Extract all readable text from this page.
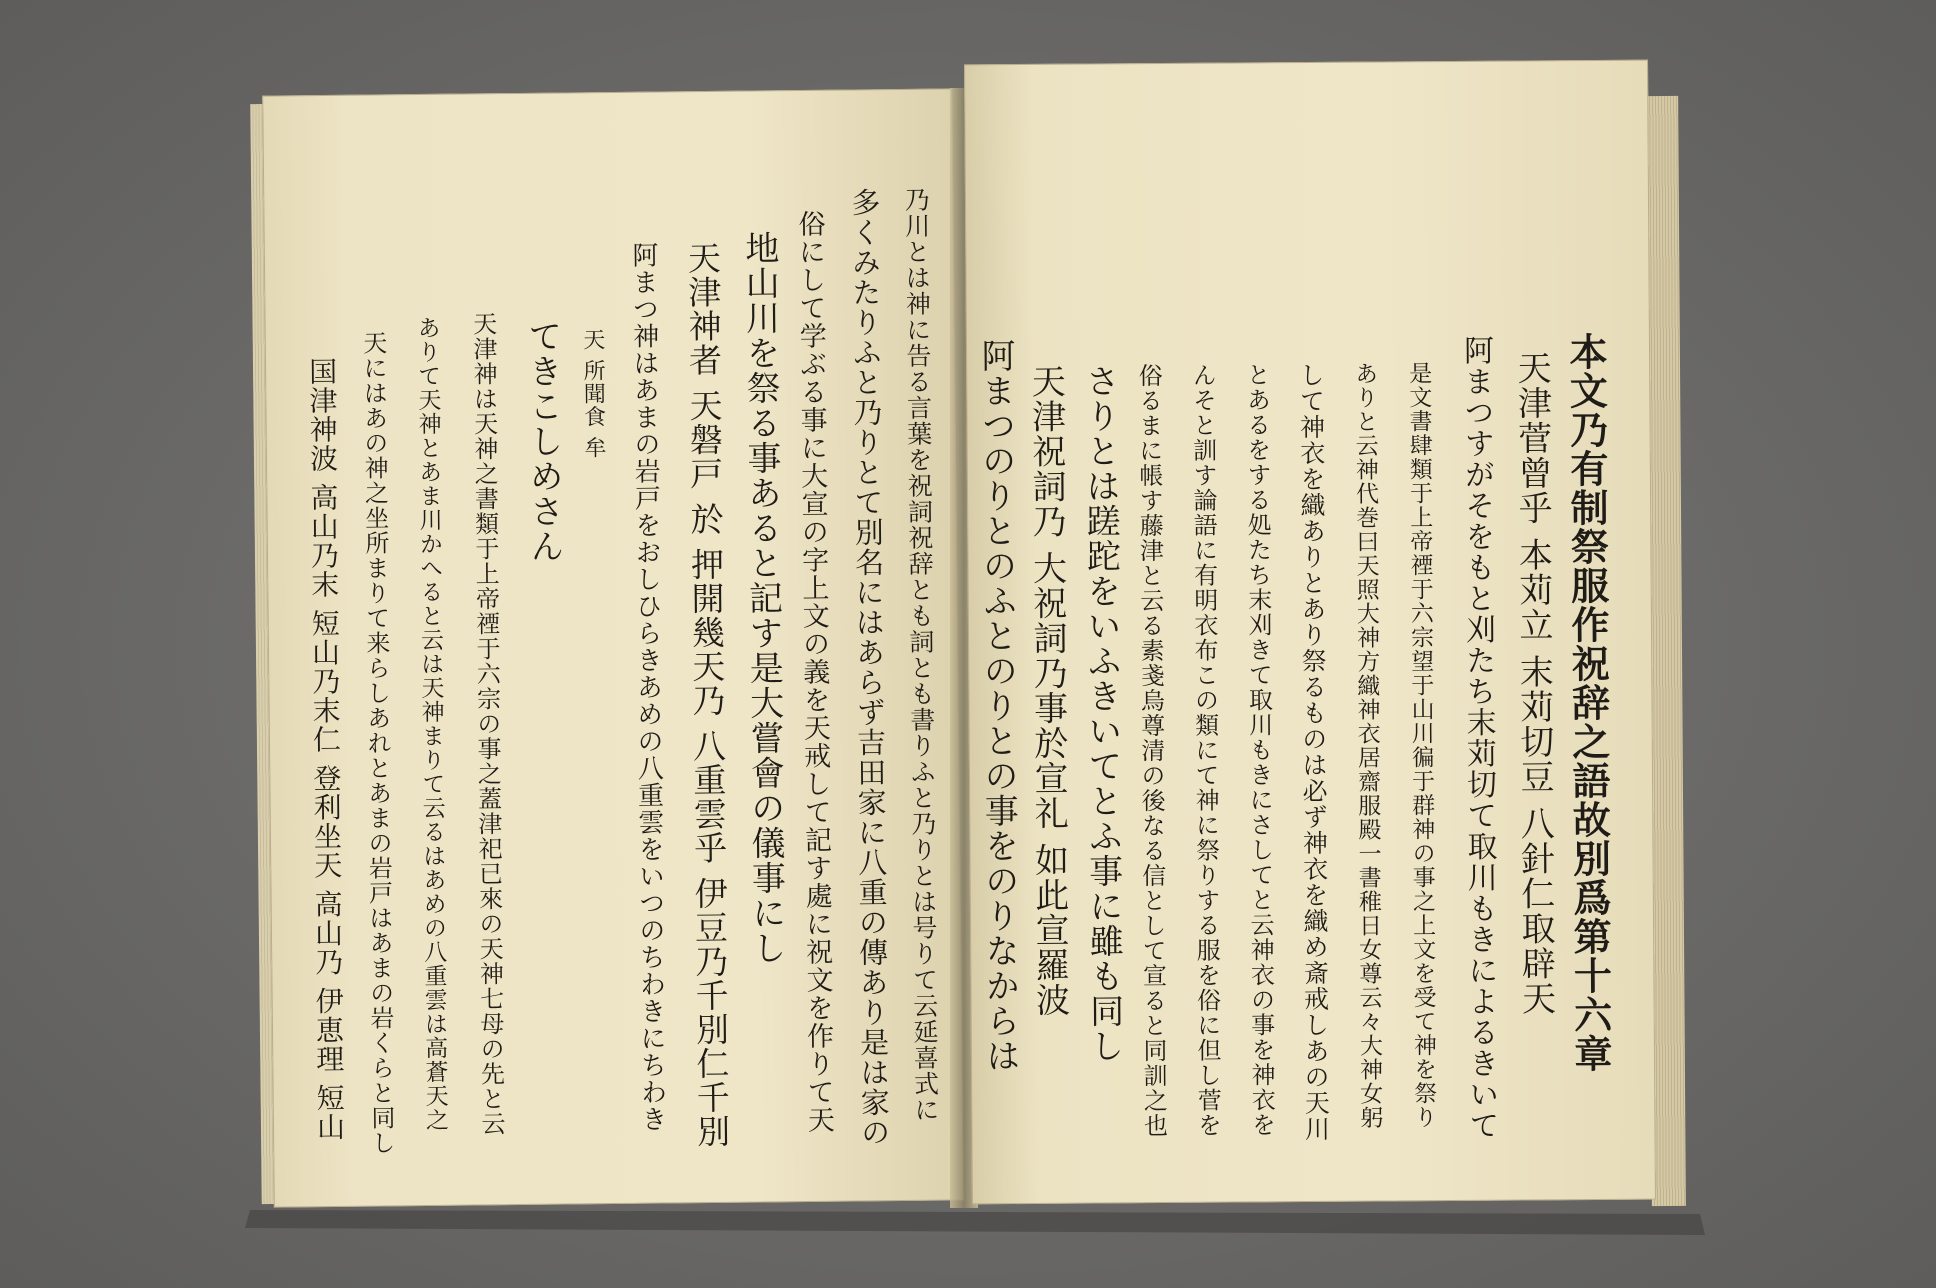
乃川とは神に告る言葉を祝詞祝辞とも詞とも書りふと乃りとは号りて云延喜式に
多くみたりふと乃りとて別名にはあらず吉田家に八重の傳あり是は家の
俗にして学ぶる事に大宣の字上文の義を天戒して記す處に祝文を作りて天
地山川を祭る事あると記す是大嘗會の儀事にし
天津神者 天磐戸 於 押開幾天乃 八重雲乎 伊豆乃千別仁千別
阿まつ神はあまの岩戸をおしひらきあめの八重雲をいつのちわきにちわき
天 所聞食 牟
てきこしめさん
天津神は天神之書類于上帝禋于六宗の事之蓋津祀已來の天神七母の先と云
ありて天神とあま川かへると云は天神まりて云るはあめの八重雲は高蒼天之
天にはあの神之坐所まりて来らしあれとあまの岩戸はあまの岩くらと同し
国津神波 高山乃末 短山乃末仁 登利坐天 高山乃 伊恵理 短山	本文乃有制祭服作祝辞之語故別爲第十六章
天津菅曾乎 本苅立 末苅切豆 八針仁取辟天
阿まつすがそをもと刈たち末苅切て取川もきによるきいて
是文書肆類于上帝禋于六宗望于山川徧于群神の事之上文を受て神を祭り
ありと云神代巻曰天照大神方織神衣居齋服殿一書稚日女尊云々大神女躬
して神衣を織ありとあり祭るものは必ず神衣を織め斎戒しあの天川
とあるをする処たち末刈きて取川もきにさしてと云神衣の事を神衣を
んそと訓す論語に有明衣布この類にて神に祭りする服を俗に但し菅を
俗るまに帳す藤津と云る素戔烏尊清の後なる信として宣ると同訓之也
さりとは蹉跎をいふきいてとふ事に雖も同し
天津祝詞乃 大祝詞乃事於宣礼 如此宣羅波
阿まつのりとのふとのりとの事をのりなからは
